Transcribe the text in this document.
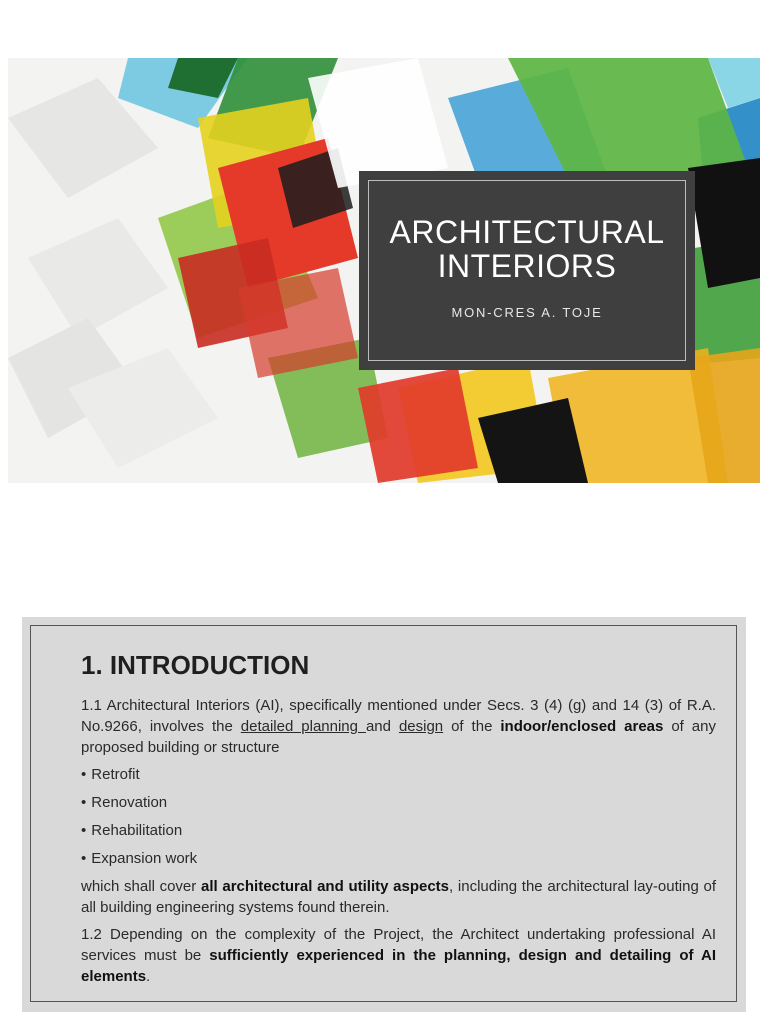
ARCHITECTURAL
INTERIORS
MON-CRES A. TOJE
1. INTRODUCTION

1.1 Architectural Interiors (AI), specifically mentioned under Secs. 3 (4) (g) and 14 (3) of R.A. No.9266, involves the detailed planning and design of the indoor/enclosed areas of any proposed building or structure

• Retrofit
• Renovation
• Rehabilitation
• Expansion work

which shall cover all architectural and utility aspects, including the architectural lay-outing of all building engineering systems found therein.

1.2 Depending on the complexity of the Project, the Architect undertaking professional AI services must be sufficiently experienced in the planning, design and detailing of AI elements.
